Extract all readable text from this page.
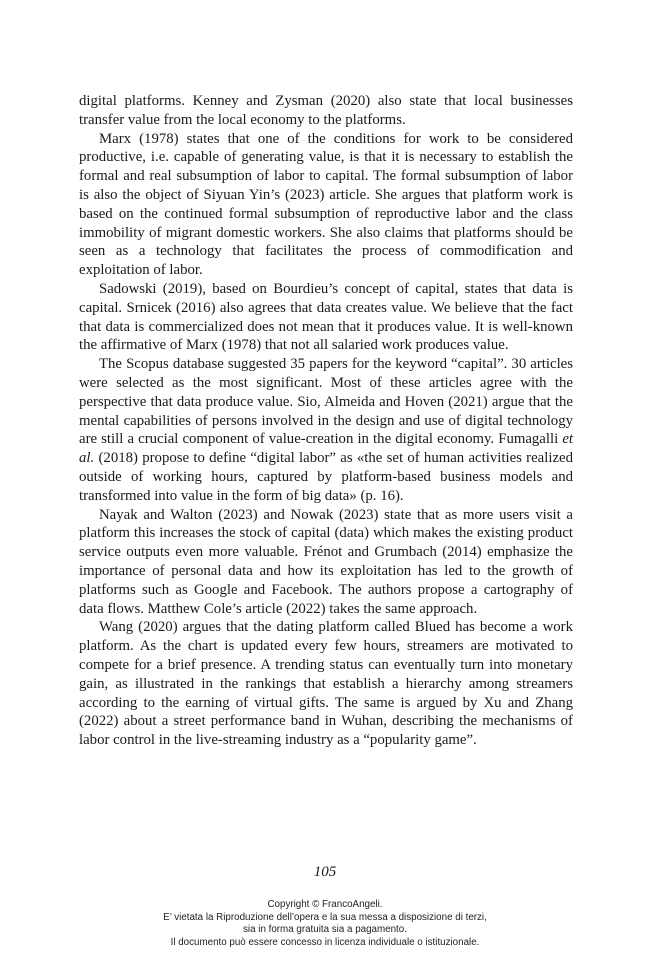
digital platforms. Kenney and Zysman (2020) also state that local businesses transfer value from the local economy to the platforms.

Marx (1978) states that one of the conditions for work to be considered productive, i.e. capable of generating value, is that it is necessary to establish the formal and real subsumption of labor to capital. The formal subsumption of labor is also the object of Siyuan Yin’s (2023) article. She argues that platform work is based on the continued formal subsumption of reproductive labor and the class immobility of migrant domestic workers. She also claims that platforms should be seen as a technology that facilitates the process of commodification and exploitation of labor.

Sadowski (2019), based on Bourdieu’s concept of capital, states that data is capital. Srnicek (2016) also agrees that data creates value. We believe that the fact that data is commercialized does not mean that it produces value. It is well-known the affirmative of Marx (1978) that not all salaried work produces value.

The Scopus database suggested 35 papers for the keyword “capital”. 30 articles were selected as the most significant. Most of these articles agree with the perspective that data produce value. Sio, Almeida and Hoven (2021) argue that the mental capabilities of persons involved in the design and use of digital technology are still a crucial component of value-creation in the digital economy. Fumagalli et al. (2018) propose to define “digital labor” as «the set of human activities realized outside of working hours, captured by platform-based business models and transformed into value in the form of big data» (p. 16).

Nayak and Walton (2023) and Nowak (2023) state that as more users visit a platform this increases the stock of capital (data) which makes the existing product service outputs even more valuable. Frénot and Grumbach (2014) emphasize the importance of personal data and how its exploitation has led to the growth of platforms such as Google and Facebook. The authors propose a cartography of data flows. Matthew Cole’s article (2022) takes the same approach.

Wang (2020) argues that the dating platform called Blued has become a work platform. As the chart is updated every few hours, streamers are motivated to compete for a brief presence. A trending status can eventually turn into monetary gain, as illustrated in the rankings that establish a hierarchy among streamers according to the earning of virtual gifts. The same is argued by Xu and Zhang (2022) about a street performance band in Wuhan, describing the mechanisms of labor control in the live-streaming industry as a “popularity game”.

105
Copyright © FrancoAngeli.
E’ vietata la Riproduzione dell’opera e la sua messa a disposizione di terzi,
sia in forma gratuita sia a pagamento.
Il documento può essere concesso in licenza individuale o istituzionale.
